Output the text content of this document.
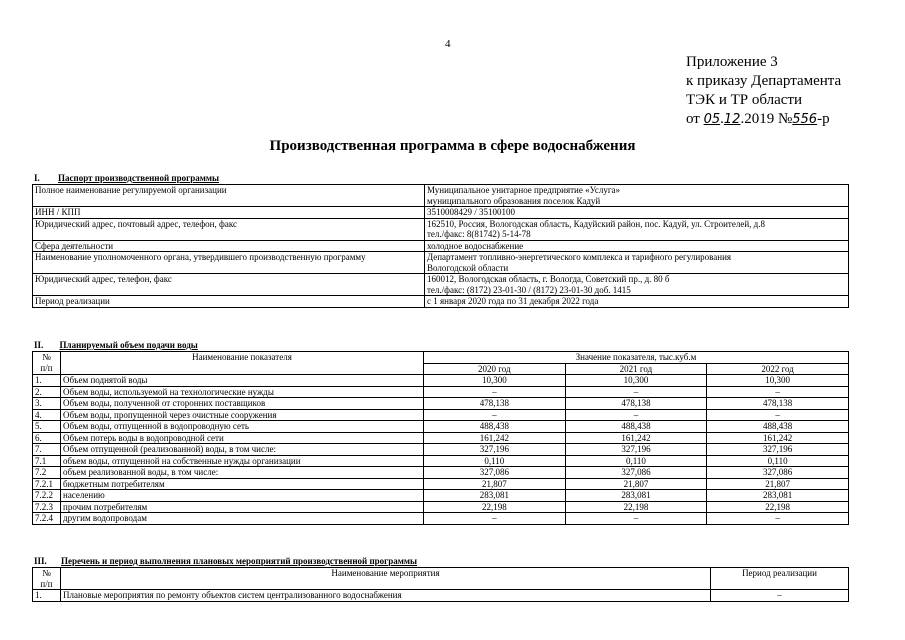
4
Приложение 3
к приказу Департамента
ТЭК и ТР области
от 05.12.2019 №556-р
Производственная программа в сфере водоснабжения
I. Паспорт производственной программы
Полное наименование регулируемой организации	Муниципальное унитарное предприятие «Услуга»
муниципального образования поселок Кадуй

ИНН / КПП	3510008429 / 35100100

Юридический адрес, почтовый адрес, телефон, факс	162510, Россия, Вологодская область, Кадуйский район, пос. Кадуй, ул. Строителей, д.8
тел./факс: 8(81742) 5-14-78

Сфера деятельности	холодное водоснабжение

Наименование уполномоченного органа, утвердившего производственную программу	Департамент топливно-энергетического комплекса и тарифного регулирования
Вологодской области

Юридический адрес, телефон, факс	160012, Вологодская область, г. Вологда, Советский пр., д. 80 б
тел./факс: (8172) 23-01-30 / (8172) 23-01-30 доб. 1415

Период реализации	с 1 января 2020 года по 31 декабря 2022 года
II. Планируемый объем подачи воды
№
п/п	Наименование показателя	Значение показателя, тыс.куб.м		
		2020 год	2021 год	2022 год
1.	Объем поднятой воды	10,300	10,300	10,300
2.	Объем воды, используемой на технологические нужды	–	–	–
3.	Объем воды, полученной от сторонних поставщиков	478,138	478,138	478,138
4.	Объем воды, пропущенной через очистные сооружения	–	–	–
5.	Объем воды, отпущенной в водопроводную сеть	488,438	488,438	488,438
6.	Объем потерь воды в водопроводной сети	161,242	161,242	161,242
7.	Объем отпущенной (реализованной) воды, в том числе:	327,196	327,196	327,196
7.1	объем воды, отпущенной на собственные нужды организации	0,110	0,110	0,110
7.2	объем реализованной воды, в том числе:	327,086	327,086	327,086
7.2.1	бюджетным потребителям	21,807	21,807	21,807
7.2.2	населению	283,081	283,081	283,081
7.2.3	прочим потребителям	22,198	22,198	22,198
7.2.4	другим водопроводам	–	–	–
III. Перечень и период выполнения плановых мероприятий производственной программы
№
п/п	Наименование мероприятия	Период реализации
1.	Плановые мероприятия по ремонту объектов систем централизованного водоснабжения	–
